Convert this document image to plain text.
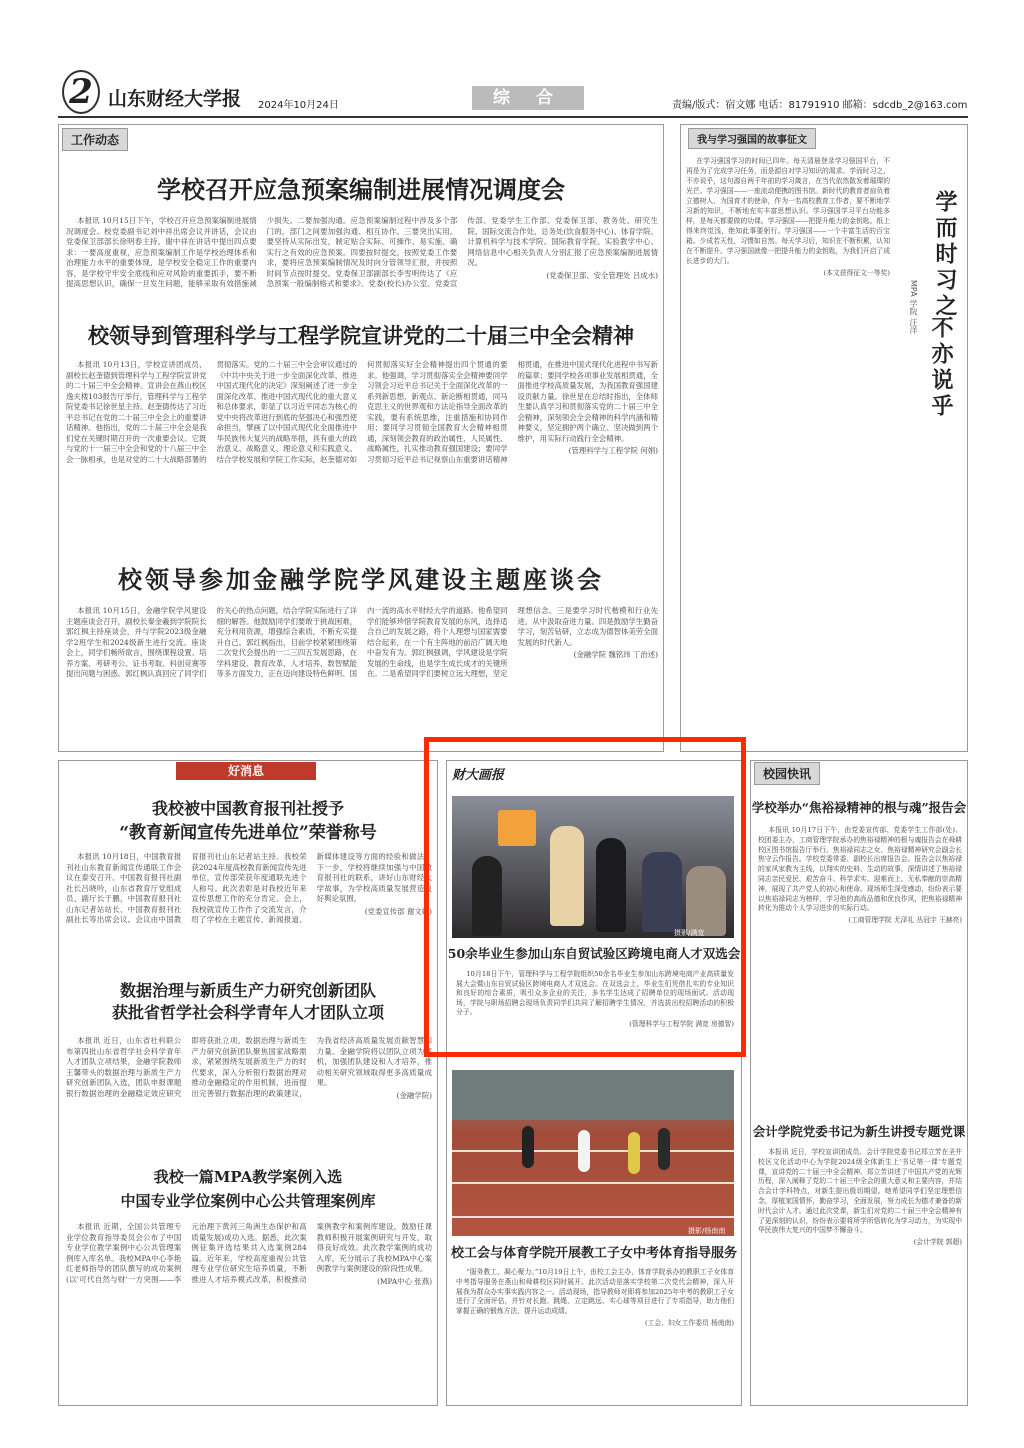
2 山东财经大学报 2024年10月24日	综 合	责编/版式：宿文娜 电话：81791910 邮箱：sdcdb_2@163.com
工作动态
学校召开应急预案编制进展情况调度会

本报讯 10月15日下午，学校召开应急预案编制进展情况调度会。校党委副书记刘中祥出席会议并讲话，会议由党委保卫部部长徐明春主持。谢中祥在讲话中提出四点要求：一要高度重视，应急预案编制工作是学校治理体系和治理能力水平的重要体现，是学校安全稳定工作的重要内容，是学校守牢安全底线和应对风险的重要抓手，要不断提高思想认识，确保一旦发生问题，能够采取有效措施减少损失。二要加强沟通。应急预案编制过程中涉及多个部门的，部门之间要加强沟通、相互协作。三要突出实用。要坚持从实际出发，制定贴合实际、可操作、易实施、确实行之有效的应急预案。四要按时提交。按照党委工作要求，要将应急预案编制情况及时向分管领导汇报，并按照时间节点按时提交。党委保卫部副部长李雪明传达了《应急预案一般编制格式和要求》。党委(校长)办公室、党委宣传部、党委学生工作部、党委保卫部、教务处、研究生院、国际交流合作处、总务处(饮食服务中心)、体育学院、计算机科学与技术学院、国际教育学院、实验教学中心、网络信息中心相关负责人分别汇报了应急预案编制进展情况。

(党委保卫部、安全管理处 吕成水)

校领导到管理科学与工程学院宣讲党的二十届三中全会精神

本报讯 10月13日，学校宣讲团成员、副校长赵奎德到管理科学与工程学院宣讲党的二十届三中全会精神。宣讲会在燕山校区逸夫楼103报告厅举行，管理科学与工程学院党委书记徐世星主持。赵奎德传达了习近平总书记在党的二十届三中全会上的重要讲话精神。他指出，党的二十届三中全会是我们党在关键时期召开的一次重要会议。它既与党的十一届三中全会和党的十八届三中全会一脉相承，也是对党的二十大战略部署的贯彻落实。党的二十届三中全会审议通过的《中共中央关于进一步全面深化改革、推进中国式现代化的决定》深刻阐述了进一步全面深化改革、推进中国式现代化的重大意义和总体要求，彰显了以习近平同志为核心的党中央将改革进行到底的坚强决心和强烈使命担当，擘画了以中国式现代化全面推进中华民族伟大复兴的战略举措，具有重大的政治意义、战略意义、理论意义和实践意义。结合学校发展和学院工作实际，赵奎德对如何贯彻落实好全会精神提出四个贯通的要求。他强调，学习贯彻落实全会精神要同学习领会习近平总书记关于全面深化改革的一系列新思想、新观点、新论断相贯通，同马克思主义的世界观和方法论指导全面改革的实践，要有系统思维，注重措施和协同作用；要同学习贯彻全国教育大会精神相贯通，深刻领会教育的政治属性、人民属性、战略属性，扎实推动教育强国建设；要同学习贯彻习近平总书记视察山东重要讲话精神相贯通，在推进中国式现代化进程中书写新的篇章；要同学校各项事业发展相贯通，全面推进学校高质量发展，为我国教育强国建设贡献力量。徐世星在总结时指出，全体师生要认真学习和贯彻落实党的二十届三中全会精神，深刻领会全会精神的科学内涵和精神要义，坚定拥护两个确立、坚决做到两个维护，用实际行动践行全会精神。

(管理科学与工程学院 何娟)

校领导参加金融学院学风建设主题座谈会

本报讯 10月15日，金融学院学风建设主题座谈会召开，副校长秦金羲到学院院长郭红枫主持座谈会，并与学院2023级金融学2班学生和2024级新生进行交流。座谈会上，同学们畅所欲言，围绕课程设置、培养方案、考研考公、证书考取、科创竞赛等提出问题与困惑。郭红枫认真回应了同学们的关心的热点问题，结合学院实际进行了详细的解答。他鼓励同学们要敢于挑战困难，充分利用资源，增强综合素质，不断充实提升自己。郭红枫指出，目前学校紧紧围绕第二次党代会提出的一二三四五发展思路，在学科建设、教育改革、人才培养、数智赋能等多方面发力，正在迈向建设特色鲜明、国内一流的高水平财经大学的道路。他希望同学们能够珍惜学院教育发展的东风，选择适合自己的发展之路，将个人理想与国家需要结合起来，在一个有主阵地的前沿广阔天地中奋发有为。郭红枫强调，学风建设是学院发展的生命线，也是学生成长成才的关键所在。二是希望同学们要树立远大理想，坚定理想信念。三是要学习时代楷模和行业先进，从中汲取奋进力量。四是鼓励学生勤奋学习，刻苦钻研，立志成为德智体美劳全面发展的时代新人。

(金融学院 魏铭玮 丁治述)

我与学习强国的故事征文

在学习强国学习的时间已四年。每天清晨登录学习强国平台，不再是为了完成学习任务，而是源自对学习知识的渴求。学而时习之，不亦说乎，这句源自两千年前的学习箴言，在当代依然散发着璀璨的光芒。学习强国——一座流动便携的图书馆。新时代的教育者肩负着立德树人、为国育才的使命，作为一名高校教育工作者，要不断地学习新的知识，不断地充实丰富思想认识。学习强国学习平台功能多样，是每天都要做的功课。学习强国——把提升能力的金钥匙。纸上得来终觉浅，绝知此事要躬行。学习强国——一个丰富生活的百宝箱。少成若天性，习惯如自然。每天学习后，知识在不断积累，认知在不断提升。学习强国就像一把提升能力的金钥匙，为我们开启了成长进步的大门。

(本文获得征文一等奖) 学而时习之
不亦说乎
MPA 学院 汪洋
好消息
我校被中国教育报刊社授予
“教育新闻宣传先进单位”荣誉称号

本报讯 10月18日，中国教育报刊社山东教育新闻宣传通联工作会议在泰安召开。中国教育报刊社副社长吕晓吟，山东省教育厅党组成员、副厅长于鹏，中国教育报刊社山东记者站站长、中国教育报刊社副社长等出席会议。会议由中国教育报刊社山东记者站主持。我校荣获2024年度高校教育新闻宣传先进单位，宣传部荣获年度通联先进个人称号。此次表彰是对我校近年来宣传思想工作的充分肯定。会上，我校就宣传工作作了交流发言，介绍了学校在主题宣传、新闻报道、新媒体建设等方面的经验和做法。下一步，学校将继续加强与中国教育报刊社的联系，讲好山东财经大学故事，为学校高质量发展营造良好舆论氛围。

(党委宣传部 谢文娴)

数据治理与新质生产力研究创新团队
获批省哲学社会科学青年人才团队立项

本报讯 近日，山东省社科联公布第四批山东省哲学社会科学青年人才团队立项结果，金融学院教师王馨带头的数据治理与新质生产力研究创新团队入选，团队申报课题银行数据治理的金融稳定效应研究即将获批立项。数据治理与新质生产力研究创新团队聚焦国家战略需求，紧紧围绕发展新质生产力的时代要求，深入分析银行数据治理对推动金融稳定的作用机制，进而提出完善银行数据治理的政策建议，为我省经济高质量发展贡献智慧和力量。金融学院将以团队立项为契机，加强团队建设和人才培养，推动相关研究领域取得更多高质量成果。

(金融学院)

我校一篇MPA教学案例入选
中国专业学位案例中心公共管理案例库

本报讯 近期，全国公共管理专业学位教育指导委员会公布了中国专业学位教学案例中心公共管理案例库入库名单。我校MPA中心李艳红老师指导的团队撰写的成功案例(以'可代自然与财'一方突围——李元治理下黄河三角洲生态保护和高质量发展)成功入选。据悉，此次案例征集评选结果共入选案例284篇。近年来，学校高度重视公共管理专业学位研究生培养质量，不断推进人才培养模式改革，积极推动案例教学和案例库建设，鼓励任课教师积极开展案例研究与开发，取得良好成效。此次教学案例的成功入库，充分展示了我校MPA中心案例教学与案例建设的阶段性成果。

(MPA中心 张燕)

财大画报
摄影/满宽
50余毕业生参加山东自贸试验区跨境电商人才双选会

10月18日下午，管理科学与工程学院组织50余名毕业生参加山东跨境电商产业高质量发展大会暨山东自贸试验区跨境电商人才双选会。在双选会上，毕业生们凭借扎实的专业知识和良好的综合素质，吸引众多企业的关注，多名学生达成了招聘单位的现场面试。活动现场，学院与职场招聘会现场负责同学们共同了解招聘学生情况，并选拔出校招聘活动的积极分子。

(管理科学与工程学院 满宽 房德智)

摄影/杨南南
校工会与体育学院开展教工子女中考体育指导服务

“服务教工，凝心聚力。”10月19日上午，由校工会主办，体育学院承办的教职工子女体育中考指导服务在燕山和舜耕校区同时展开。此次活动是落实学校第二次党代会精神，深入开展我为群众办实事实践内容之一。活动现场，指导教师对即将参加2025年中考的教职工子女进行了全面评估，并针对长跑、跳绳、立定跳远、实心球等项目进行了专项指导，助力他们掌握正确的锻炼方法，提升运动成绩。

(工会、妇女工作委员 杨南南)

校园快讯
学校举办“焦裕禄精神的根与魂”报告会

本报讯 10月17日下午，由党委宣传部、党委学生工作部(处)、校团委主办，工商管理学院承办的焦裕禄精神的根与魂报告会在舜耕校区图书馆报告厅举行。焦裕禄同志之女、焦裕禄精神研究会副会长焦守云作报告。学校党委常委、副校长出席报告会。报告会以焦裕禄的家风家教为主线，以翔实的史料、生动的故事，深情讲述了焦裕禄同志亲民爱民、艰苦奋斗、科学求实、迎难而上、无私奉献的崇高精神，展现了共产党人的初心和使命。现场师生深受感动，纷纷表示要以焦裕禄同志为榜样，学习他的高尚品德和优良作风，把焦裕禄精神转化为推动个人学习进步的实际行动。

(工商管理学院 尤泽礼 丛冠宇 王赫亮)

会计学院党委书记为新生讲授专题党课

本报讯 近日，学校宣讲团成员、会计学院党委书记郑立芳在圣井校区文化活动中心为学院2024级全体新生上'书记第一课'专题党课，宣讲党的二十届三中全会精神。郑立芳讲述了中国共产党的光辉历程，深入阐释了党的二十届三中全会的重大意义和主要内容，并结合会计学科特点，对新生提出殷切期望。她希望同学们坚定理想信念，厚植家国情怀，勤奋学习，全面发展，努力成长为德才兼备的新时代会计人才。通过此次党课，新生们对党的二十届三中全会精神有了更深刻的认识，纷纷表示要将所学所悟转化为学习动力，为实现中华民族伟大复兴的中国梦不懈奋斗。

(会计学院 郭超)
